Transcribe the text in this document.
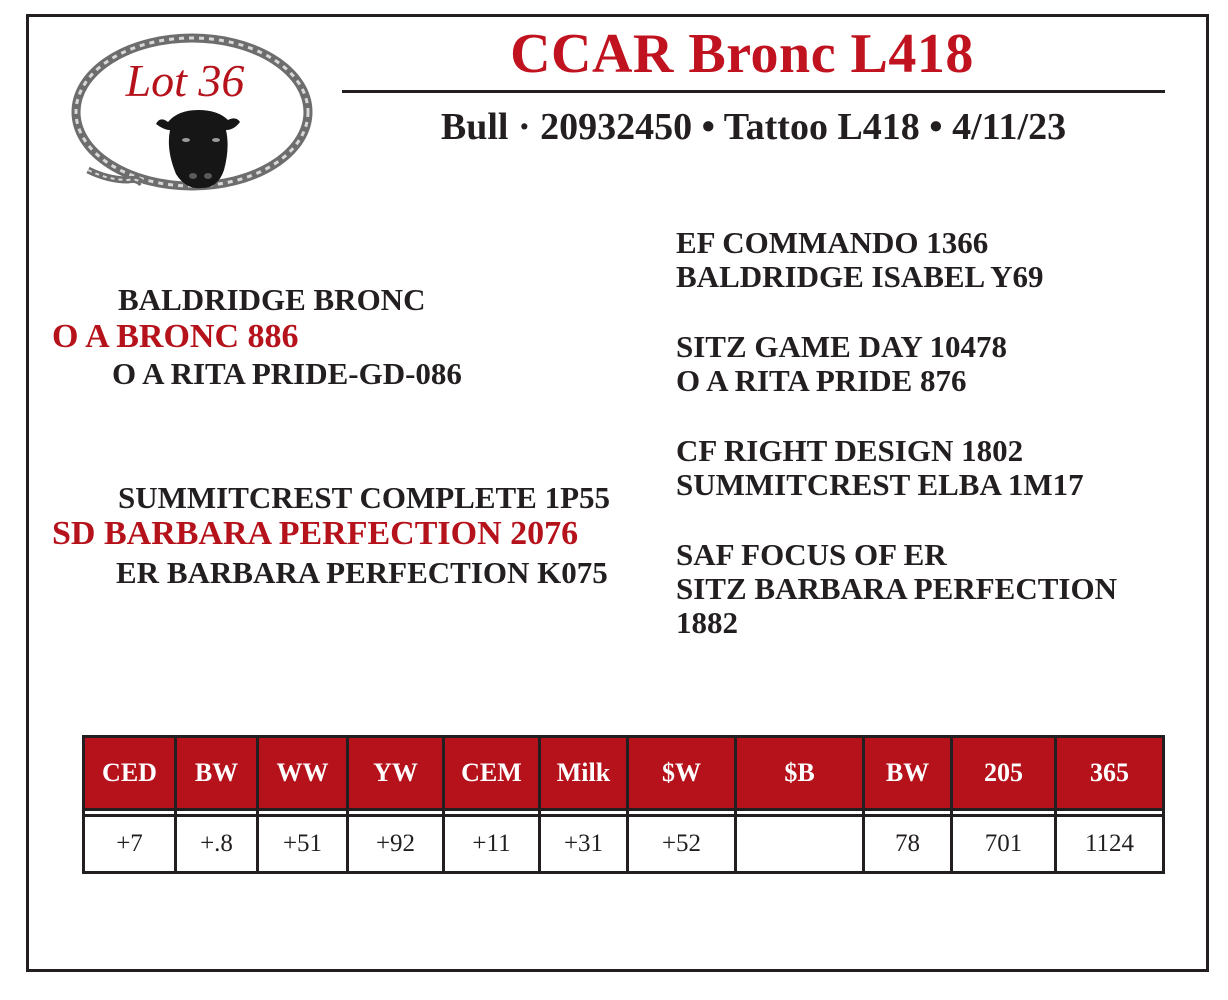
Lot 36	CCAR Bronc L418
Bull · 20932450 • Tattoo L418 • 4/11/23
BALDRIDGE BRONC
O A BRONC 886
O A RITA PRIDE-GD-086
SUMMITCREST COMPLETE 1P55
SD BARBARA PERFECTION 2076
ER BARBARA PERFECTION K075
EF COMMANDO 1366
BALDRIDGE ISABEL Y69
SITZ GAME DAY 10478
O A RITA PRIDE 876
CF RIGHT DESIGN 1802
SUMMITCREST ELBA 1M17
SAF FOCUS OF ER
SITZ BARBARA PERFECTION
1882
CED	BW	WW	YW	CEM	Milk	$W	$B	BW	205	365

+7	+.8	+51	+92	+11	+31	+52		78	701	1124
